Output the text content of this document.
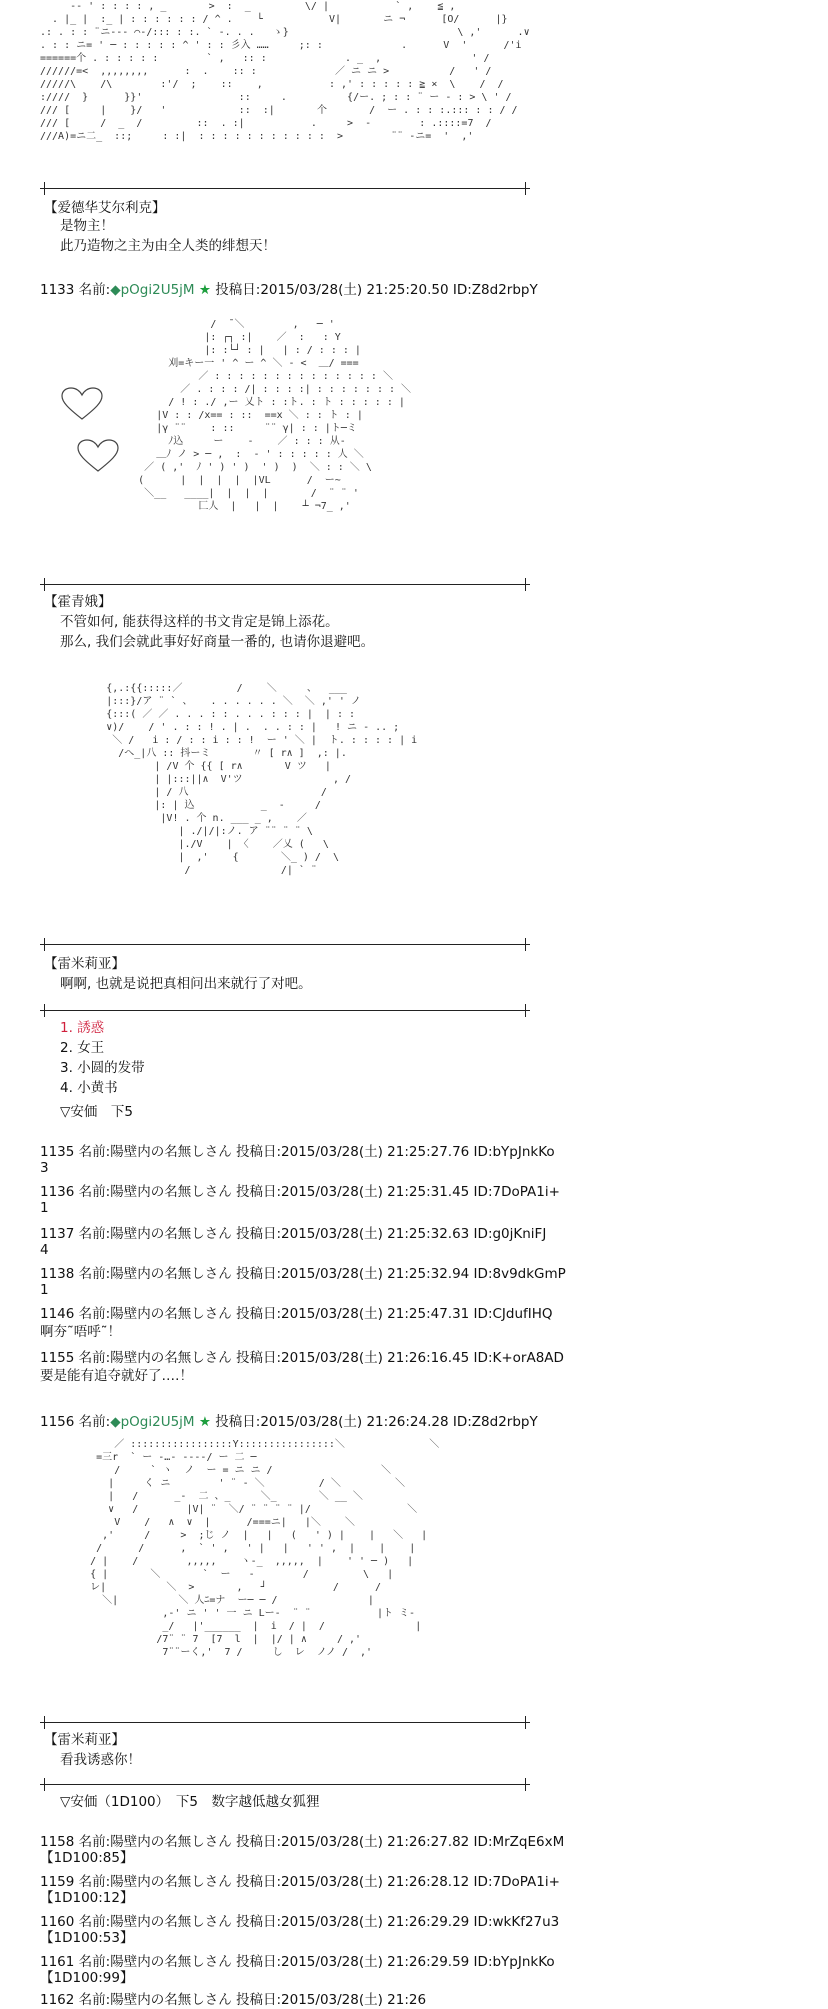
-- ' : : : : , _       >  :  _         \/ |           ` ,    ≦ ,
. |_ |  :_ | : : : : : : / ^ .    └           V|       ニ ¬      [O/      |}
.: . : : ¨ニ--- ⌒-/::: : :. ` -. . .   ゝ}                            \ ,'      .∨
. : : ニ= ' ─ : : : : : ^ ' : : 彡入 ……     ;: :             .      V  '      /'i
======个 . : : : : :        ` ,   :: :             . _  ,               ' /
//////=<  ,,,,,,,,      :  .    :: :             ／ ニ ニ >          /   ' /
/////\    /\        :'/  ;    ::    ,           : ,' : : : : : ≧ ×  \    /  /
:////  }      }}'                ::     .          {/ー. ; : : ¨ ー - : > \ ' /
/// [     |    }/   '            ::  :|       个       /  ー . : : :.::: : : / /
/// [     /  _  /         ::  . :|           .     >  -        : .::::=7  /
///A)=ニ二_  ::;     : :|  : : : : : : : : : : :  >        ¨¨ -ニ=  '  ,'

【爱德华艾尔利克】
是物主！
此乃造物之主为由全人类的绯想天！
1133 名前:◆pOgi2U5jM ★ 投稿日:2015/03/28(土) 21:25:20.50 ID:Z8d2rbpY
/  ̄ ＼        ,   ─ '
|: ┌┐ :|    ／  :   : Y
|: :└┘ : |   | : / : : : |
刈=キー一 ' ^ ー ^ ＼ - <  ＿/ ===
／ : : : : : : : : : : : : : : ＼
／ . : : : /| : : : :| : : : : : : : ＼
/ ! : ./ ,ー 乂ト : :ト. : ト : : : : : |
|V : : /x== : ::  ==x ＼ : : ト : |
|γ ¨¨    : ::     ¨¨ γ| : : |ト─ミ
ﾉ込     ー    ‐    ／ : : : 从-
＿ﾉ ノ > ─ ,  :  ‐ ' : : : : : 人 ＼
／ ( ,'  ﾉ ' ) ' )  ' )  )  ＼ : : ＼ \
(      |  |  |  |  |VL      /  ー~
＼__   ____|  |  |  |       /  ¨ ¨ '
匚人  |   |  |    ┴ ¬7_ ,'

【霍青娥】
不管如何, 能获得这样的书文肯定是锦上添花。
那么, 我们会就此事好好商量一番的, 也请你退避吧。
{,.:{{:::::／         /    ＼     、  ___
|:::}/ア ¨ ` 、   . . . . . . ＼  ＼ ,' ' ノ
{:::( ／ ／ . . . : : . . . : : : |  | : :
∨)/    / ' . : : ! . | .  . . : : |   ! ニ - .. ;
＼ /   i : / : : i : : !  ー ' ＼ |  ト. : : : : | i
/へ_|八 :: 抖ーミ       〃 [ r∧ ]  ,: |.
| /V 个 {{ [ r∧       V ツ   |
| |:::||∧  V'ツ               , /
| / 八                      /
|: | 込           _  -     /
|V! . 个 n. ___ _ ,    ／
| ./|/|:ノ. ア ¨¨ ¨ ¨ \
|./V    | 〈    ／乂 (   \
|  ,'    {       ＼_ ) /  \
/               /| ` ¨

【雷米莉亚】
啊啊, 也就是说把真相问出来就行了对吧。
1. 誘惑
2. 女王
3. 小圆的发带
4. 小黄书
▽安価　下5
1135 名前:陽壁内の名無しさん 投稿日:2015/03/28(土) 21:25:27.76 ID:bYpJnkKo
3
1136 名前:陽壁内の名無しさん 投稿日:2015/03/28(土) 21:25:31.45 ID:7DoPA1i+
1
1137 名前:陽壁内の名無しさん 投稿日:2015/03/28(土) 21:25:32.63 ID:g0jKniFJ
4
1138 名前:陽壁内の名無しさん 投稿日:2015/03/28(土) 21:25:32.94 ID:8v9dkGmP
1
1146 名前:陽壁内の名無しさん 投稿日:2015/03/28(土) 21:25:47.31 ID:CJdufIHQ
啊夯˜唔呼˜！
1155 名前:陽壁内の名無しさん 投稿日:2015/03/28(土) 21:26:16.45 ID:K+orA8AD
要是能有追夺就好了‥‥！
1156 名前:◆pOgi2U5jM ★ 投稿日:2015/03/28(土) 21:26:24.28 ID:Z8d2rbpY
／ :::::::::::::::::Y::::::::::::::::＼              ＼
=三r  ` ー -…- ----/ ー 二 ─
/     ` ヽ  ノ  ー = ニ ニ /                  ＼
|     く ニ        ' ¨ - ＼         / ＼         ＼
|   /      _-  二 、_     ＼_       ＼ __ ＼
∨   /        |V| ¨  ＼/ ¨ ¨ ¨ ¨ |/                ＼
V    /   ∧  ∨  |      /===ニ|   |＼    ＼
,'     /     >  ;じ ノ  |   |   (   ' ) |    |   ＼   |
/      /      ,  ` ' ,   ' |   |   ' ' ,  |    |    |
/ |    /        ,,,,,    ヽ-_  ,,,,,  |    ' ' ─ )   |
{ |       ＼       `  ー   -        /         \   |
レ|          ＼  >       ,   ┘           /      /
＼|          ＼ 人ﾆ=ナ  ー─ ─ /               |
,-' ニ ' ' 一 ニ Lー-  ¨ ¨           |ト ミ‐
_/   |'______  |  i  / |  /               |
/7¨ ¨ 7  [7  l  |  |/ | ∧     / ,'
7¨¨ーく,'  7 /     し  レ  ノノ /  ,'

【雷米莉亚】
看我诱惑你！
▽安価（1D100）　下5　数字越低越女狐狸
1158 名前:陽壁内の名無しさん 投稿日:2015/03/28(土) 21:26:27.82 ID:MrZqE6xM
【1D100:85】
1159 名前:陽壁内の名無しさん 投稿日:2015/03/28(土) 21:26:28.12 ID:7DoPA1i+
【1D100:12】
1160 名前:陽壁内の名無しさん 投稿日:2015/03/28(土) 21:26:29.29 ID:wkKf27u3
【1D100:53】
1161 名前:陽壁内の名無しさん 投稿日:2015/03/28(土) 21:26:29.59 ID:bYpJnkKo
【1D100:99】
1162 名前:陽壁内の名無しさん 投稿日:2015/03/28(土) 21:26
